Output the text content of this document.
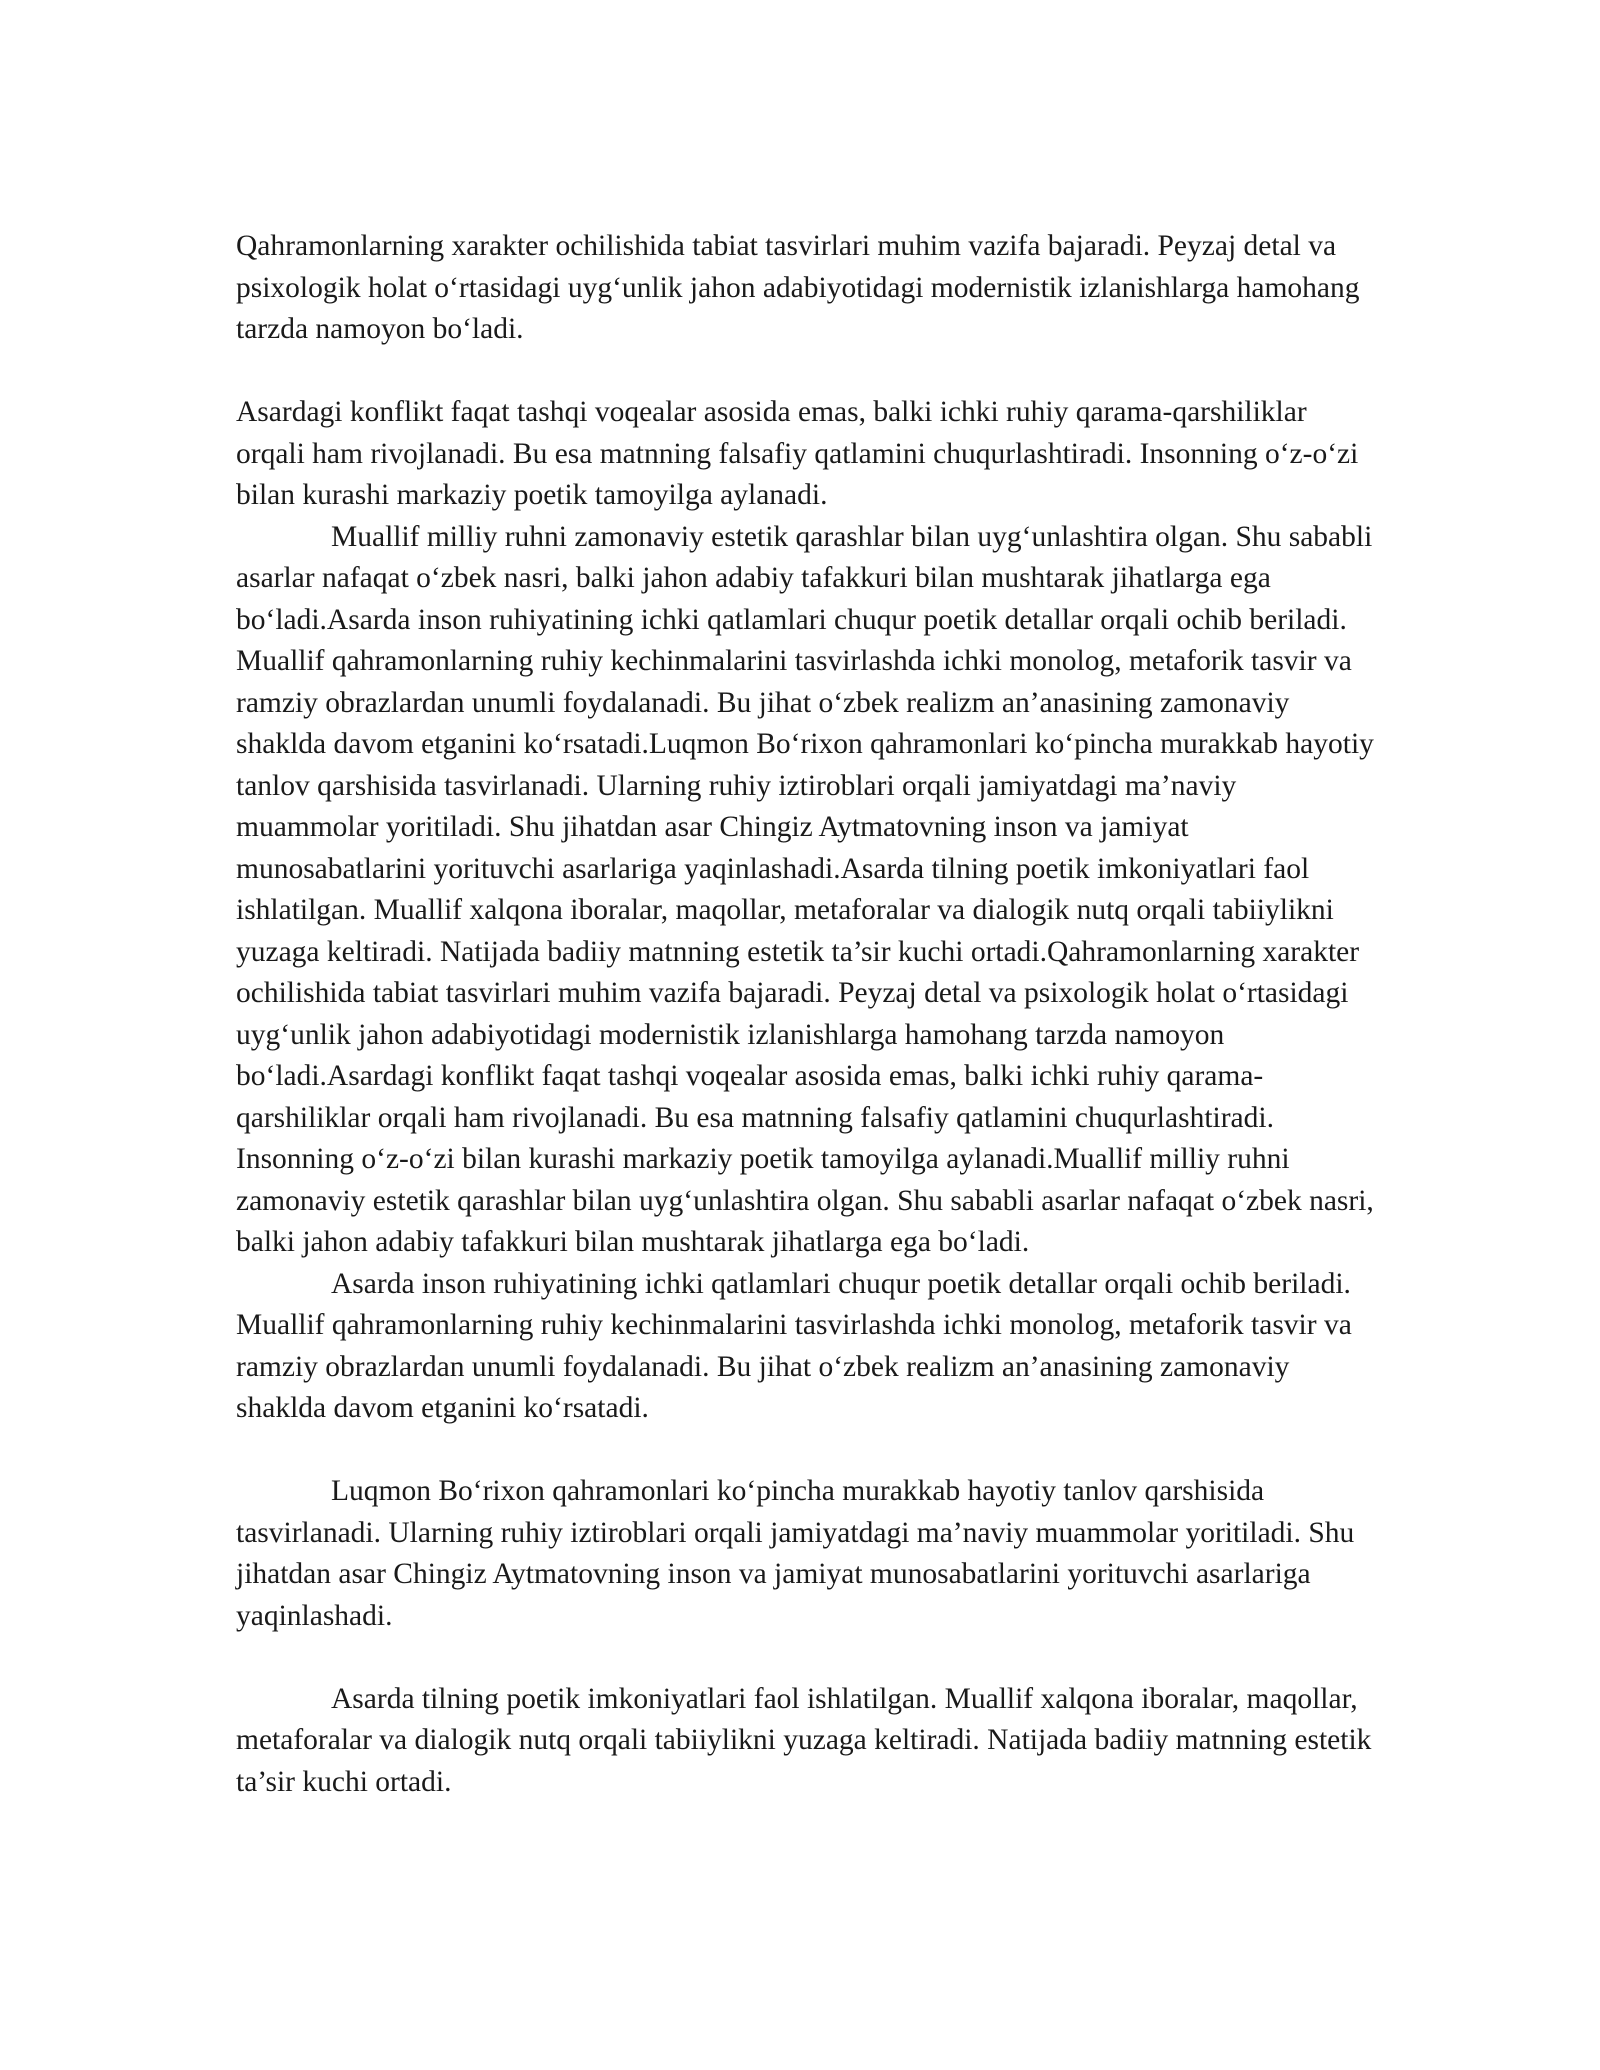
Qahramonlarning xarakter ochilishida tabiat tasvirlari muhim vazifa bajaradi. Peyzaj detal va psixologik holat o‘rtasidagi uyg‘unlik jahon adabiyotidagi modernistik izlanishlarga hamohang tarzda namoyon bo‘ladi.

Asardagi konflikt faqat tashqi voqealar asosida emas, balki ichki ruhiy qarama-qarshiliklar orqali ham rivojlanadi. Bu esa matnning falsafiy qatlamini chuqurlashtiradi. Insonning o‘z-o‘zi bilan kurashi markaziy poetik tamoyilga aylanadi.

Muallif milliy ruhni zamonaviy estetik qarashlar bilan uyg‘unlashtira olgan. Shu sababli asarlar nafaqat o‘zbek nasri, balki jahon adabiy tafakkuri bilan mushtarak jihatlarga ega bo‘ladi.Asarda inson ruhiyatining ichki qatlamlari chuqur poetik detallar orqali ochib beriladi. Muallif qahramonlarning ruhiy kechinmalarini tasvirlashda ichki monolog, metaforik tasvir va ramziy obrazlardan unumli foydalanadi. Bu jihat o‘zbek realizm an’anasining zamonaviy shaklda davom etganini ko‘rsatadi.Luqmon Bo‘rixon qahramonlari ko‘pincha murakkab hayotiy tanlov qarshisida tasvirlanadi. Ularning ruhiy iztiroblari orqali jamiyatdagi ma’naviy muammolar yoritiladi. Shu jihatdan asar Chingiz Aytmatovning inson va jamiyat munosabatlarini yorituvchi asarlariga yaqinlashadi.Asarda tilning poetik imkoniyatlari faol ishlatilgan. Muallif xalqona iboralar, maqollar, metaforalar va dialogik nutq orqali tabiiylikni yuzaga keltiradi. Natijada badiiy matnning estetik ta’sir kuchi ortadi.Qahramonlarning xarakter ochilishida tabiat tasvirlari muhim vazifa bajaradi. Peyzaj detal va psixologik holat o‘rtasidagi uyg‘unlik jahon adabiyotidagi modernistik izlanishlarga hamohang tarzda namoyon bo‘ladi.Asardagi konflikt faqat tashqi voqealar asosida emas, balki ichki ruhiy qarama-qarshiliklar orqali ham rivojlanadi. Bu esa matnning falsafiy qatlamini chuqurlashtiradi. Insonning o‘z-o‘zi bilan kurashi markaziy poetik tamoyilga aylanadi.Muallif milliy ruhni zamonaviy estetik qarashlar bilan uyg‘unlashtira olgan. Shu sababli asarlar nafaqat o‘zbek nasri, balki jahon adabiy tafakkuri bilan mushtarak jihatlarga ega bo‘ladi.

Asarda inson ruhiyatining ichki qatlamlari chuqur poetik detallar orqali ochib beriladi. Muallif qahramonlarning ruhiy kechinmalarini tasvirlashda ichki monolog, metaforik tasvir va ramziy obrazlardan unumli foydalanadi. Bu jihat o‘zbek realizm an’anasining zamonaviy shaklda davom etganini ko‘rsatadi.

Luqmon Bo‘rixon qahramonlari ko‘pincha murakkab hayotiy tanlov qarshisida tasvirlanadi. Ularning ruhiy iztiroblari orqali jamiyatdagi ma’naviy muammolar yoritiladi. Shu jihatdan asar Chingiz Aytmatovning inson va jamiyat munosabatlarini yorituvchi asarlariga yaqinlashadi.

Asarda tilning poetik imkoniyatlari faol ishlatilgan. Muallif xalqona iboralar, maqollar, metaforalar va dialogik nutq orqali tabiiylikni yuzaga keltiradi. Natijada badiiy matnning estetik ta’sir kuchi ortadi.
